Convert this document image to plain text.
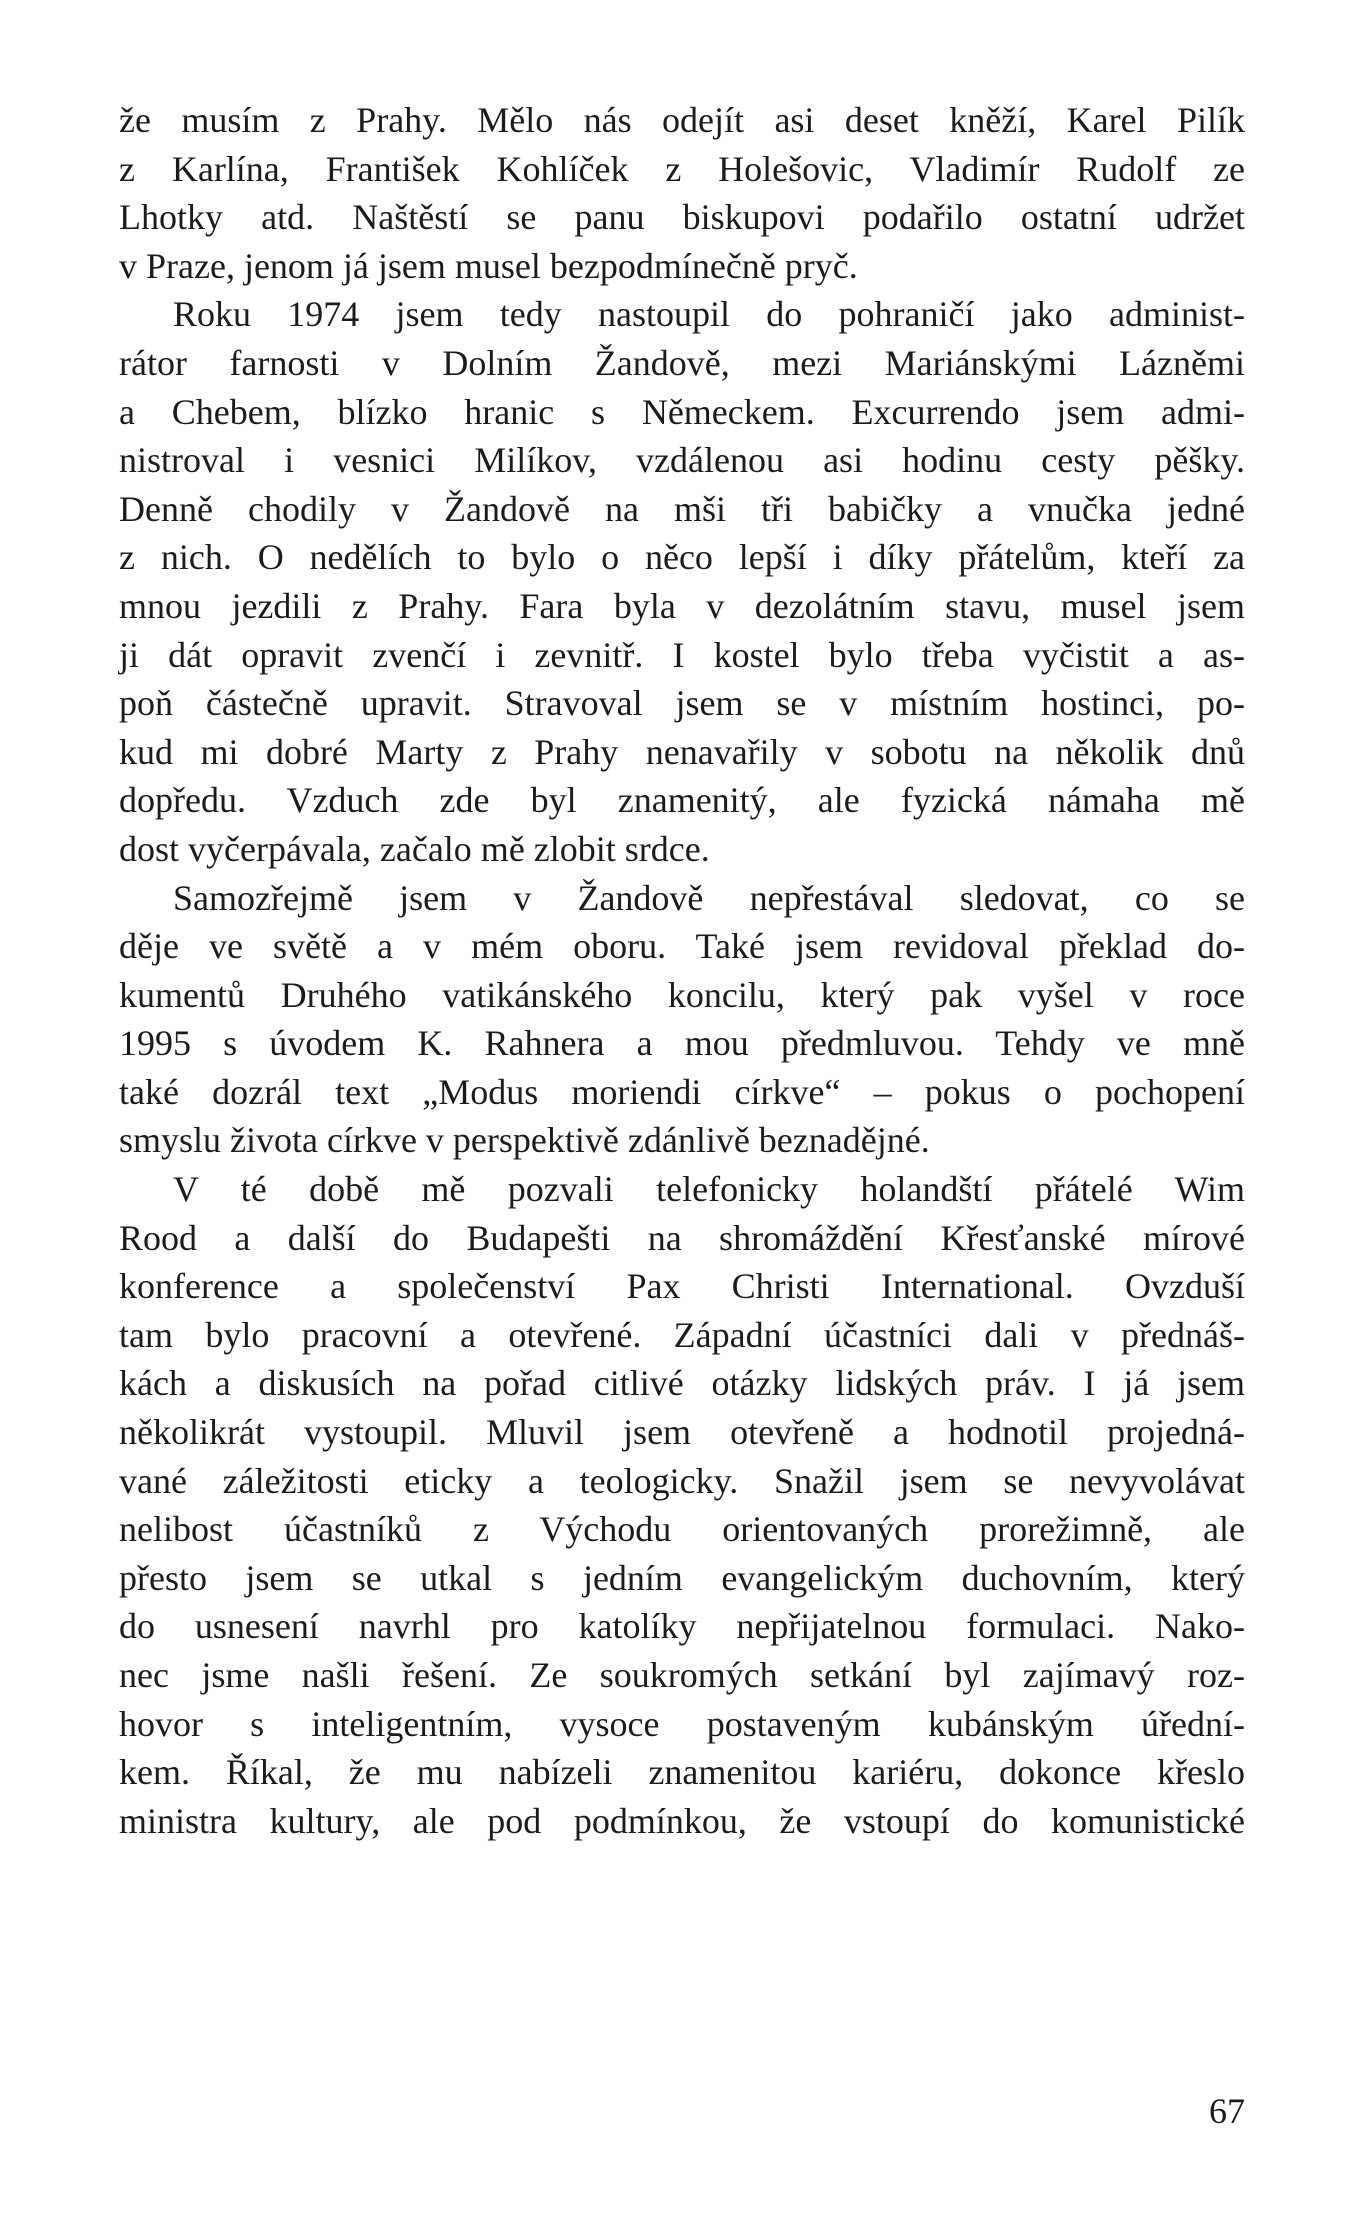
že musím z Prahy. Mělo nás odejít asi deset kněží, Karel Pilík
z Karlína, František Kohlíček z Holešovic, Vladimír Rudolf ze
Lhotky atd. Naštěstí se panu biskupovi podařilo ostatní udržet
v Praze, jenom já jsem musel bezpodmínečně pryč.
Roku 1974 jsem tedy nastoupil do pohraničí jako administ-
rátor farnosti v Dolním Žandově, mezi Mariánskými Lázněmi
a Chebem, blízko hranic s Německem. Excurrendo jsem admi-
nistroval i vesnici Milíkov, vzdálenou asi hodinu cesty pěšky.
Denně chodily v Žandově na mši tři babičky a vnučka jedné
z nich. O nedělích to bylo o něco lepší i díky přátelům, kteří za
mnou jezdili z Prahy. Fara byla v dezolátním stavu, musel jsem
ji dát opravit zvenčí i zevnitř. I kostel bylo třeba vyčistit a as-
poň částečně upravit. Stravoval jsem se v místním hostinci, po-
kud mi dobré Marty z Prahy nenavařily v sobotu na několik dnů
dopředu. Vzduch zde byl znamenitý, ale fyzická námaha mě
dost vyčerpávala, začalo mě zlobit srdce.
Samozřejmě jsem v Žandově nepřestával sledovat, co se
děje ve světě a v mém oboru. Také jsem revidoval překlad do-
kumentů Druhého vatikánského koncilu, který pak vyšel v roce
1995 s úvodem K. Rahnera a mou předmluvou. Tehdy ve mně
také dozrál text „Modus moriendi církve“ – pokus o pochopení
smyslu života církve v perspektivě zdánlivě beznadějné.
V té době mě pozvali telefonicky holandští přátelé Wim
Rood a další do Budapešti na shromáždění Křesťanské mírové
konference a společenství Pax Christi International. Ovzduší
tam bylo pracovní a otevřené. Západní účastníci dali v přednáš-
kách a diskusích na pořad citlivé otázky lidských práv. I já jsem
několikrát vystoupil. Mluvil jsem otevřeně a hodnotil projedná-
vané záležitosti eticky a teologicky. Snažil jsem se nevyvolávat
nelibost účastníků z Východu orientovaných prorežimně, ale
přesto jsem se utkal s jedním evangelickým duchovním, který
do usnesení navrhl pro katolíky nepřijatelnou formulaci. Nako-
nec jsme našli řešení. Ze soukromých setkání byl zajímavý roz-
hovor s inteligentním, vysoce postaveným kubánským úřední-
kem. Říkal, že mu nabízeli znamenitou kariéru, dokonce křeslo
ministra kultury, ale pod podmínkou, že vstoupí do komunistické
67
